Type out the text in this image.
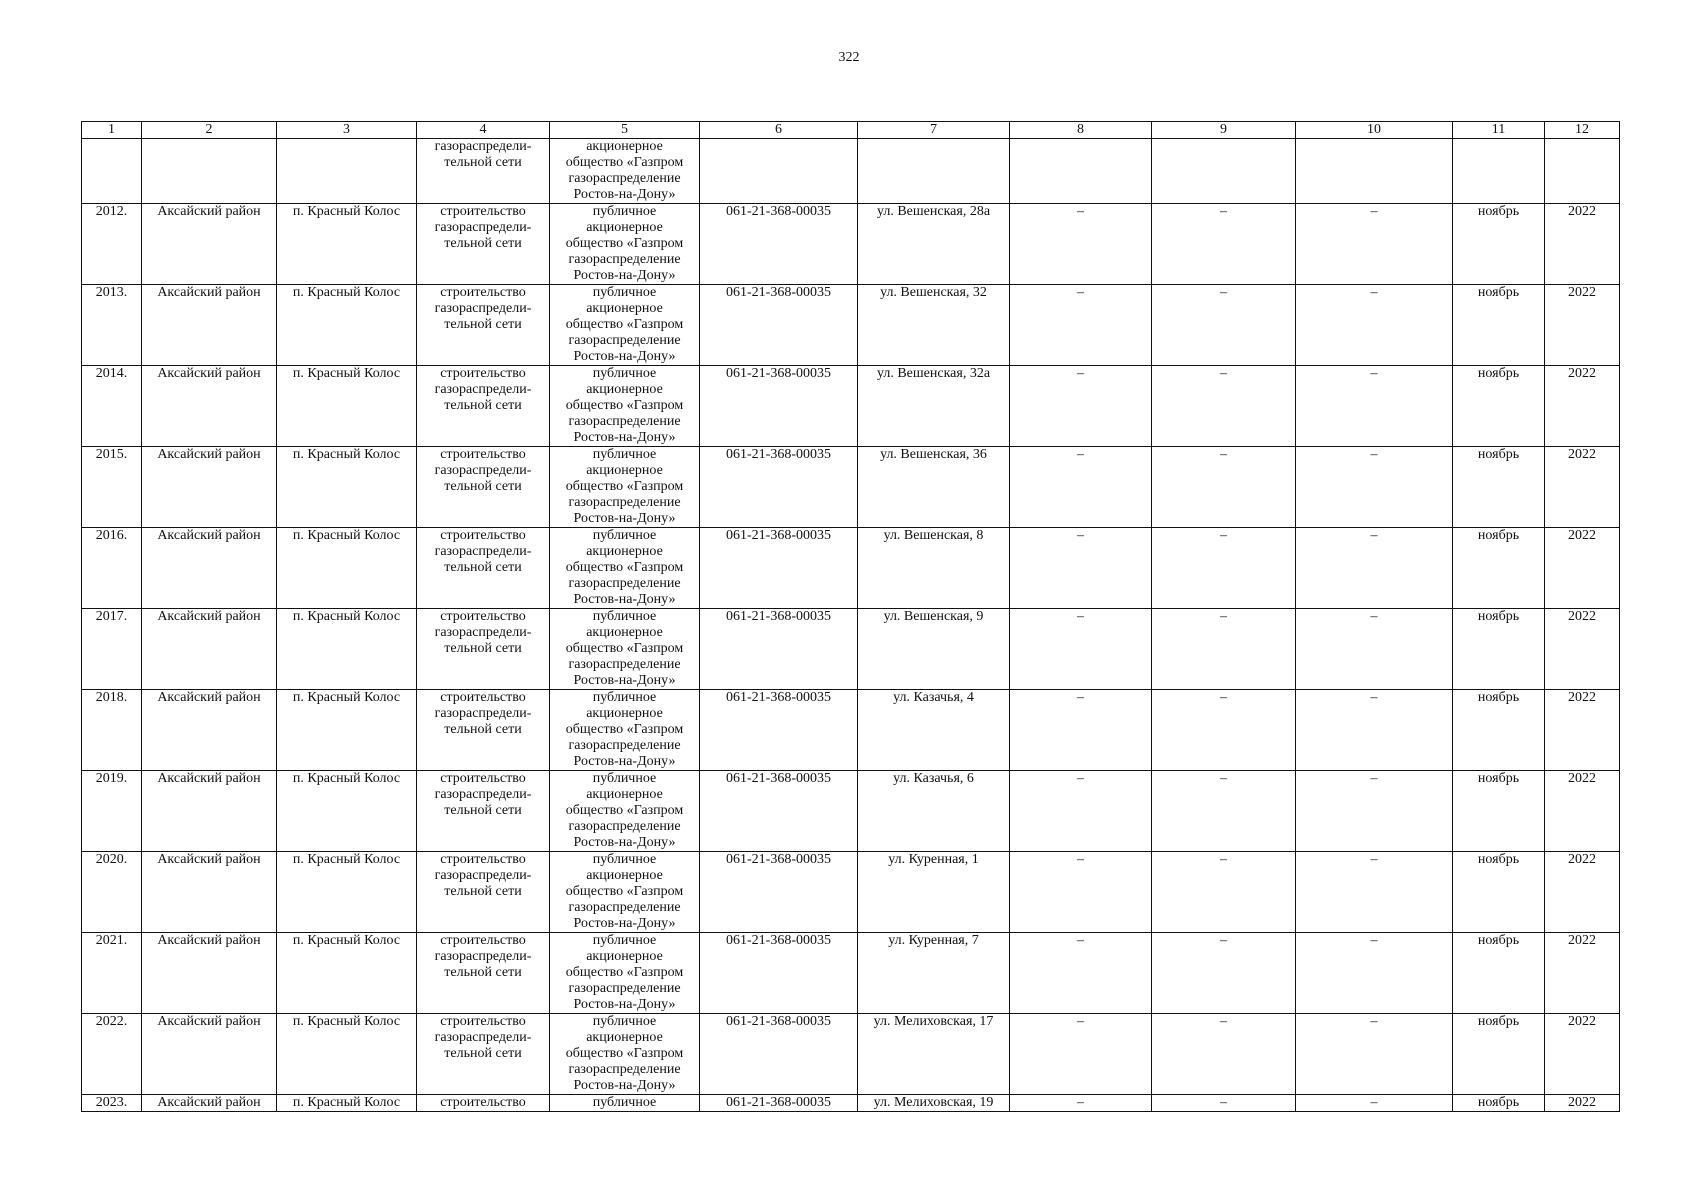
322
1	2	3	4	5	6	7	8	9	10	11	12

			газораспредели-
тельной сети	акционерное
общество «Газпром
газораспределение
Ростов-на-Дону»							

2012.	Аксайский район	п. Красный Колос	строительство
газораспредели-
тельной сети	публичное
акционерное
общество «Газпром
газораспределение
Ростов-на-Дону»	061-21-368-00035	ул. Вешенская, 28а	–	–	–	ноябрь	2022

2013.	Аксайский район	п. Красный Колос	строительство
газораспредели-
тельной сети	публичное
акционерное
общество «Газпром
газораспределение
Ростов-на-Дону»	061-21-368-00035	ул. Вешенская, 32	–	–	–	ноябрь	2022

2014.	Аксайский район	п. Красный Колос	строительство
газораспредели-
тельной сети	публичное
акционерное
общество «Газпром
газораспределение
Ростов-на-Дону»	061-21-368-00035	ул. Вешенская, 32а	–	–	–	ноябрь	2022

2015.	Аксайский район	п. Красный Колос	строительство
газораспредели-
тельной сети	публичное
акционерное
общество «Газпром
газораспределение
Ростов-на-Дону»	061-21-368-00035	ул. Вешенская, 36	–	–	–	ноябрь	2022

2016.	Аксайский район	п. Красный Колос	строительство
газораспредели-
тельной сети	публичное
акционерное
общество «Газпром
газораспределение
Ростов-на-Дону»	061-21-368-00035	ул. Вешенская, 8	–	–	–	ноябрь	2022

2017.	Аксайский район	п. Красный Колос	строительство
газораспредели-
тельной сети	публичное
акционерное
общество «Газпром
газораспределение
Ростов-на-Дону»	061-21-368-00035	ул. Вешенская, 9	–	–	–	ноябрь	2022

2018.	Аксайский район	п. Красный Колос	строительство
газораспредели-
тельной сети	публичное
акционерное
общество «Газпром
газораспределение
Ростов-на-Дону»	061-21-368-00035	ул. Казачья, 4	–	–	–	ноябрь	2022

2019.	Аксайский район	п. Красный Колос	строительство
газораспредели-
тельной сети	публичное
акционерное
общество «Газпром
газораспределение
Ростов-на-Дону»	061-21-368-00035	ул. Казачья, 6	–	–	–	ноябрь	2022

2020.	Аксайский район	п. Красный Колос	строительство
газораспредели-
тельной сети	публичное
акционерное
общество «Газпром
газораспределение
Ростов-на-Дону»	061-21-368-00035	ул. Куренная, 1	–	–	–	ноябрь	2022

2021.	Аксайский район	п. Красный Колос	строительство
газораспредели-
тельной сети	публичное
акционерное
общество «Газпром
газораспределение
Ростов-на-Дону»	061-21-368-00035	ул. Куренная, 7	–	–	–	ноябрь	2022

2022.	Аксайский район	п. Красный Колос	строительство
газораспредели-
тельной сети	публичное
акционерное
общество «Газпром
газораспределение
Ростов-на-Дону»	061-21-368-00035	ул. Мелиховская, 17	–	–	–	ноябрь	2022

2023.	Аксайский район	п. Красный Колос	строительство	публичное	061-21-368-00035	ул. Мелиховская, 19	–	–	–	ноябрь	2022
